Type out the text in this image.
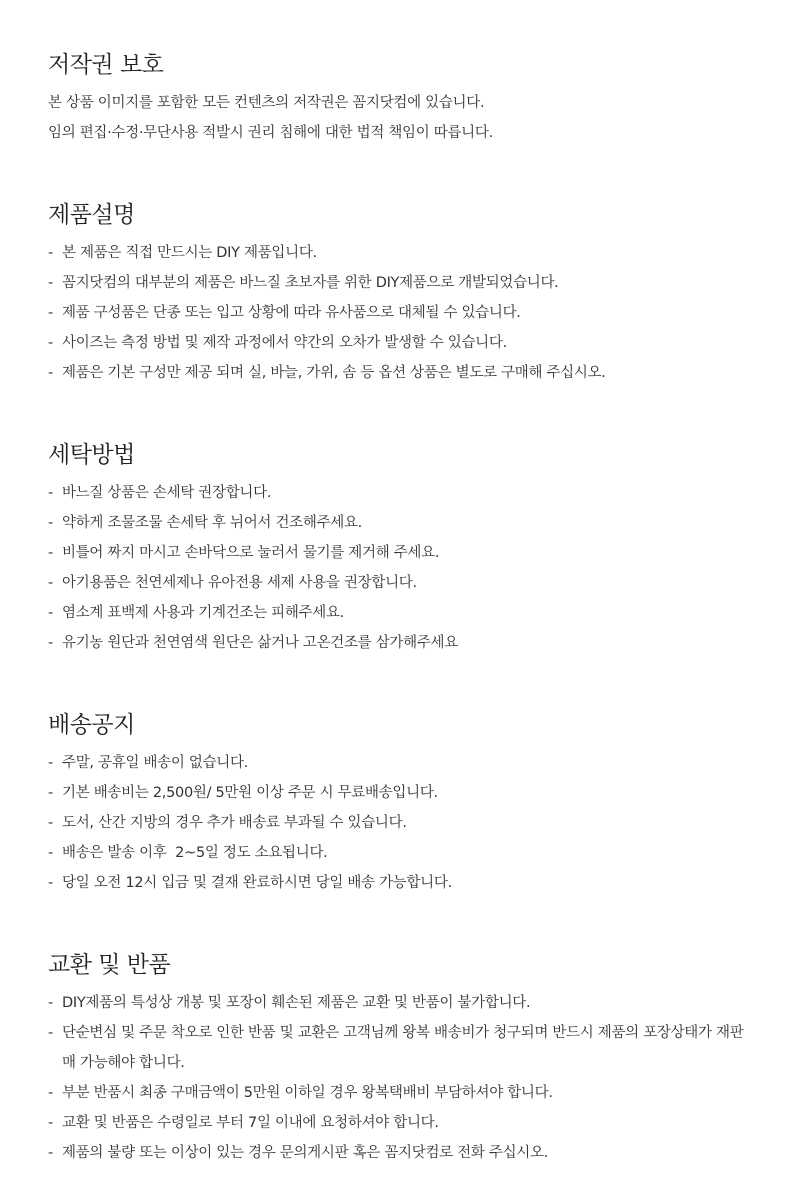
저작권 보호
본 상품 이미지를 포함한 모든 컨텐츠의 저작권은 꼼지닷컴에 있습니다.
임의 편집·수정·무단사용 적발시 권리 침해에 대한 법적 책임이 따릅니다.
제품설명
- 본 제품은 직접 만드시는 DIY 제품입니다.
- 꼼지닷컴의 대부분의 제품은 바느질 초보자를 위한 DIY제품으로 개발되었습니다.
- 제품 구성품은 단종 또는 입고 상황에 따라 유사품으로 대체될 수 있습니다.
- 사이즈는 측정 방법 및 제작 과정에서 약간의 오차가 발생할 수 있습니다.
- 제품은 기본 구성만 제공 되며 실, 바늘, 가위, 솜 등 옵션 상품은 별도로 구매해 주십시오.
세탁방법
- 바느질 상품은 손세탁 권장합니다.
- 약하게 조물조물 손세탁 후 뉘어서 건조해주세요.
- 비틀어 짜지 마시고 손바닥으로 눌러서 물기를 제거해 주세요.
- 아기용품은 천연세제나 유아전용 세제 사용을 권장합니다.
- 염소계 표백제 사용과 기계건조는 피해주세요.
- 유기농 원단과 천연염색 원단은 삶거나 고온건조를 삼가해주세요
배송공지
- 주말, 공휴일 배송이 없습니다.
- 기본 배송비는 2,500원/ 5만원 이상 주문 시 무료배송입니다.
- 도서, 산간 지방의 경우 추가 배송료 부과될 수 있습니다.
- 배송은 발송 이후  2~5일 정도 소요됩니다.
- 당일 오전 12시 입금 및 결재 완료하시면 당일 배송 가능합니다.
교환 및 반품
- DIY제품의 특성상 개봉 및 포장이 훼손된 제품은 교환 및 반품이 불가합니다.
- 단순변심 및 주문 착오로 인한 반품 및 교환은 고객님께 왕복 배송비가 청구되며 반드시 제품의 포장상태가 재판매 가능해야 합니다.
- 부분 반품시 최종 구매금액이 5만원 이하일 경우 왕복택배비 부담하셔야 합니다.
- 교환 및 반품은 수령일로 부터 7일 이내에 요청하셔야 합니다.
- 제품의 불량 또는 이상이 있는 경우 문의게시판 혹은 꼼지닷컴로 전화 주십시오.
